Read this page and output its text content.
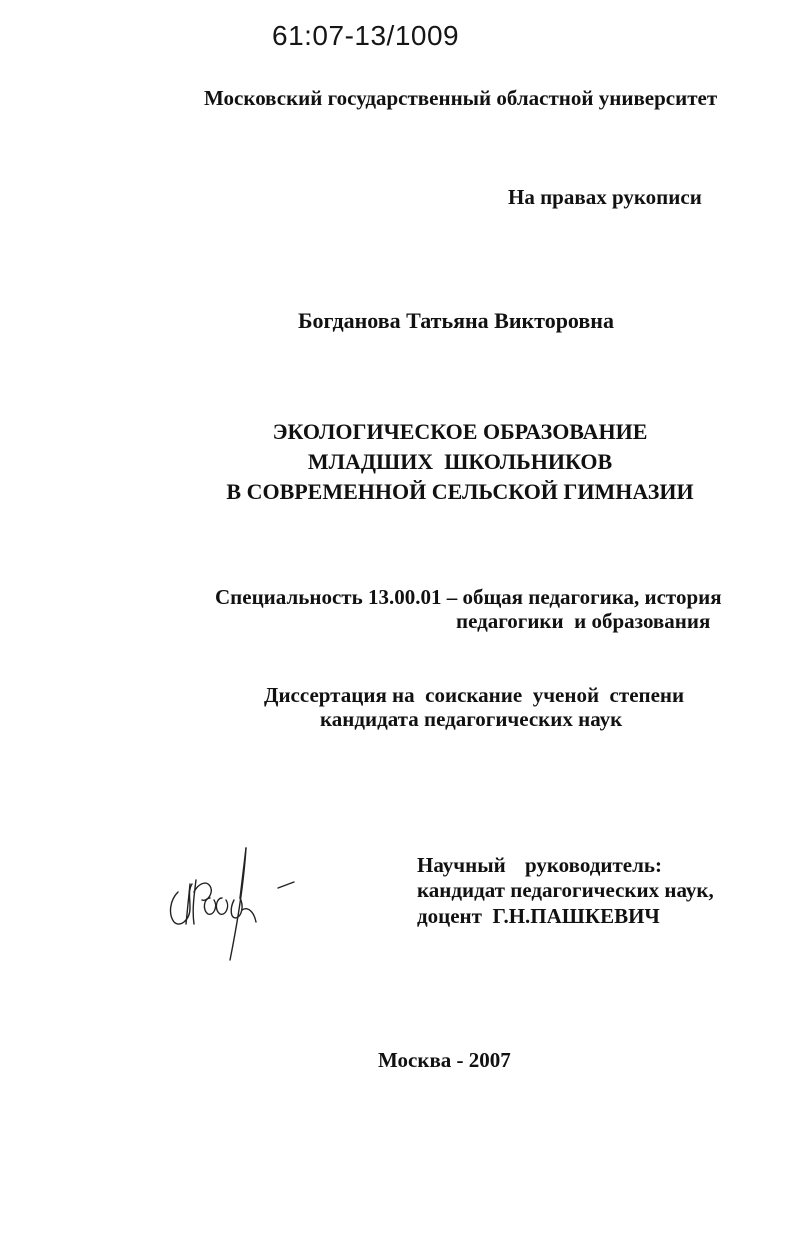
61:07-13/1009
Московский государственный областной университет
На правах рукописи
Богданова Татьяна Викторовна
ЭКОЛОГИЧЕСКОЕ ОБРАЗОВАНИЕ
МЛАДШИХ  ШКОЛЬНИКОВ
В СОВРЕМЕННОЙ СЕЛЬСКОЙ ГИМНАЗИИ
Специальность 13.00.01 – общая педагогика, история
педагогики  и образования
Диссертация на  соискание  ученой  степени
кандидата педагогических наук
Научный руководитель:
кандидат педагогических наук,
доцент  Г.Н.ПАШКЕВИЧ
Москва - 2007
